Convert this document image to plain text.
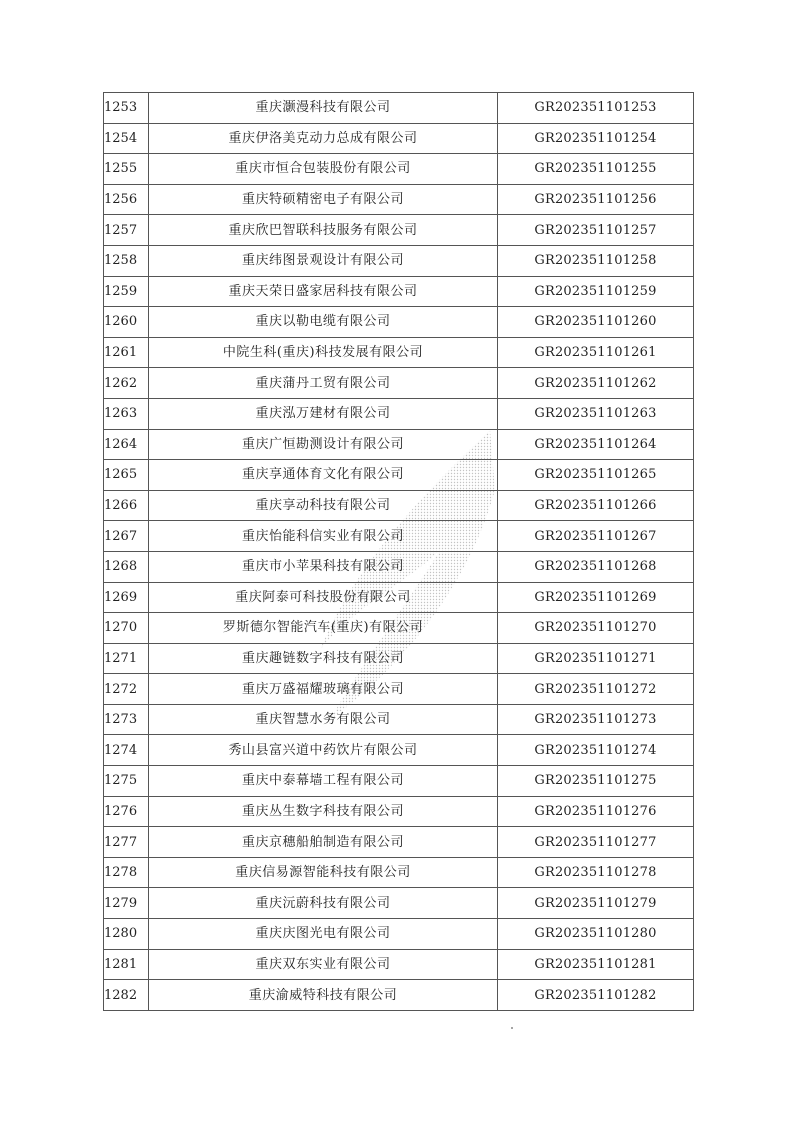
1253	重庆灏漫科技有限公司	GR202351101253
1254	重庆伊洛美克动力总成有限公司	GR202351101254
1255	重庆市恒合包装股份有限公司	GR202351101255
1256	重庆特硕精密电子有限公司	GR202351101256
1257	重庆欣巴智联科技服务有限公司	GR202351101257
1258	重庆纬图景观设计有限公司	GR202351101258
1259	重庆天荣日盛家居科技有限公司	GR202351101259
1260	重庆以勒电缆有限公司	GR202351101260
1261	中院生科(重庆)科技发展有限公司	GR202351101261
1262	重庆蒲丹工贸有限公司	GR202351101262
1263	重庆泓万建材有限公司	GR202351101263
1264	重庆广恒勘测设计有限公司	GR202351101264
1265	重庆享通体育文化有限公司	GR202351101265
1266	重庆享动科技有限公司	GR202351101266
1267	重庆怡能科信实业有限公司	GR202351101267
1268	重庆市小苹果科技有限公司	GR202351101268
1269	重庆阿泰可科技股份有限公司	GR202351101269
1270	罗斯德尔智能汽车(重庆)有限公司	GR202351101270
1271	重庆趣链数字科技有限公司	GR202351101271
1272	重庆万盛福耀玻璃有限公司	GR202351101272
1273	重庆智慧水务有限公司	GR202351101273
1274	秀山县富兴道中药饮片有限公司	GR202351101274
1275	重庆中泰幕墙工程有限公司	GR202351101275
1276	重庆丛生数字科技有限公司	GR202351101276
1277	重庆京穗船舶制造有限公司	GR202351101277
1278	重庆信易源智能科技有限公司	GR202351101278
1279	重庆沅蔚科技有限公司	GR202351101279
1280	重庆庆图光电有限公司	GR202351101280
1281	重庆双东实业有限公司	GR202351101281
1282	重庆渝威特科技有限公司	GR202351101282
